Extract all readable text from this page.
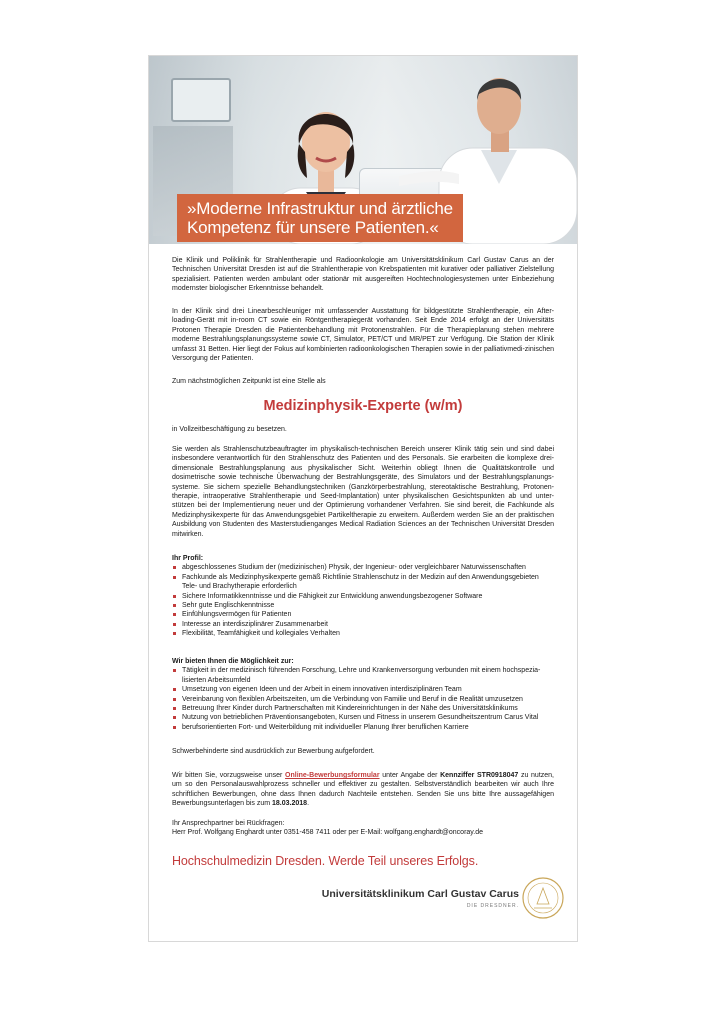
»Moderne Infrastruktur und ärztliche
Kompetenz für unsere Patienten.«

Die Klinik und Poliklinik für Strahlentherapie und Radioonkologie am Universitätsklinikum Carl Gustav Carus an der Technischen Universität Dresden ist auf die Strahlentherapie von Krebspatienten mit kurativer oder palliativer Zielstellung spezialisiert. Patienten werden ambulant oder stationär mit ausgereiften Hochtechnologiesystemen unter Einbeziehung modernster biologischer Erkenntnisse behandelt.

In der Klinik sind drei Linearbeschleuniger mit umfassender Ausstattung für bildgestützte Strahlentherapie, ein After-loading-Gerät mit in-room CT sowie ein Röntgentherapiegerät vorhanden. Seit Ende 2014 erfolgt an der Universitäts Protonen Therapie Dresden die Patientenbehandlung mit Protonenstrahlen. Für die Therapieplanung stehen mehrere moderne Bestrahlungsplanungssysteme sowie CT, Simulator, PET/CT und MR/PET zur Verfügung. Die Station der Klinik umfasst 31 Betten. Hier liegt der Fokus auf kombinierten radioonkologischen Therapien sowie in der palliativmedi-zinischen Versorgung der Patienten.

Zum nächstmöglichen Zeitpunkt ist eine Stelle als

Medizinphysik-Experte (w/m)

in Vollzeitbeschäftigung zu besetzen.

Sie werden als Strahlenschutzbeauftragter im physikalisch-technischen Bereich unserer Klinik tätig sein und sind dabei insbesondere verantwortlich für den Strahlenschutz des Patienten und des Personals. Sie erarbeiten die komplexe drei-dimensionale Bestrahlungsplanung aus physikalischer Sicht. Weiterhin obliegt Ihnen die Qualitätskontrolle und dosimetrische sowie technische Überwachung der Bestrahlungsgeräte, des Simulators und der Bestrahlungsplanungs-systeme. Sie sichern spezielle Behandlungstechniken (Ganzkörperbestrahlung, stereotaktische Bestrahlung, Protonen-therapie, intraoperative Strahlentherapie und Seed-Implantation) unter physikalischen Gesichtspunkten ab und unter-stützen bei der Implementierung neuer und der Optimierung vorhandener Verfahren. Sie sind bereit, die Fachkunde als Medizinphysikexperte für das Anwendungsgebiet Partikeltherapie zu erweitern. Außerdem werden Sie an der praktischen Ausbildung von Studenten des Masterstudienganges Medical Radiation Sciences an der Technischen Universität Dresden mitwirken.

Ihr Profil:
abgeschlossenes Studium der (medizinischen) Physik, der Ingenieur- oder vergleichbarer Naturwissenschaften
Fachkunde als Medizinphysikexperte gemäß Richtlinie Strahlenschutz in der Medizin auf den Anwendungsgebieten Tele- und Brachytherapie erforderlich
Sichere Informatikkenntnisse und die Fähigkeit zur Entwicklung anwendungsbezogener Software
Sehr gute Englischkenntnisse
Einfühlungsvermögen für Patienten
Interesse an interdisziplinärer Zusammenarbeit
Flexibilität, Teamfähigkeit und kollegiales Verhalten
Wir bieten Ihnen die Möglichkeit zur:
Tätigkeit in der medizinisch führenden Forschung, Lehre und Krankenversorgung verbunden mit einem hochspezia-lisierten Arbeitsumfeld
Umsetzung von eigenen Ideen und der Arbeit in einem innovativen interdisziplinären Team
Vereinbarung von flexiblen Arbeitszeiten, um die Verbindung von Familie und Beruf in die Realität umzusetzen
Betreuung Ihrer Kinder durch Partnerschaften mit Kindereinrichtungen in der Nähe des Universitätsklinikums
Nutzung von betrieblichen Präventionsangeboten, Kursen und Fitness in unserem Gesundheitszentrum Carus Vital
berufsorientierten Fort- und Weiterbildung mit individueller Planung Ihrer beruflichen Karriere

Schwerbehinderte sind ausdrücklich zur Bewerbung aufgefordert.

Wir bitten Sie, vorzugsweise unser Online-Bewerbungsformular unter Angabe der Kennziffer STR0918047 zu nutzen, um so den Personalauswahlprozess schneller und effektiver zu gestalten. Selbstverständlich bearbeiten wir auch Ihre schriftlichen Bewerbungen, ohne dass Ihnen dadurch Nachteile entstehen. Senden Sie uns bitte Ihre aussagefähigen Bewerbungsunterlagen bis zum 18.03.2018.

Ihr Ansprechpartner bei Rückfragen:

Herr Prof. Wolfgang Enghardt unter 0351-458 7411 oder per E-Mail: wolfgang.enghardt@oncoray.de

Hochschulmedizin Dresden. Werde Teil unseres Erfolgs.
Universitätsklinikum Carl Gustav Carus
DIE DRESDNER.
